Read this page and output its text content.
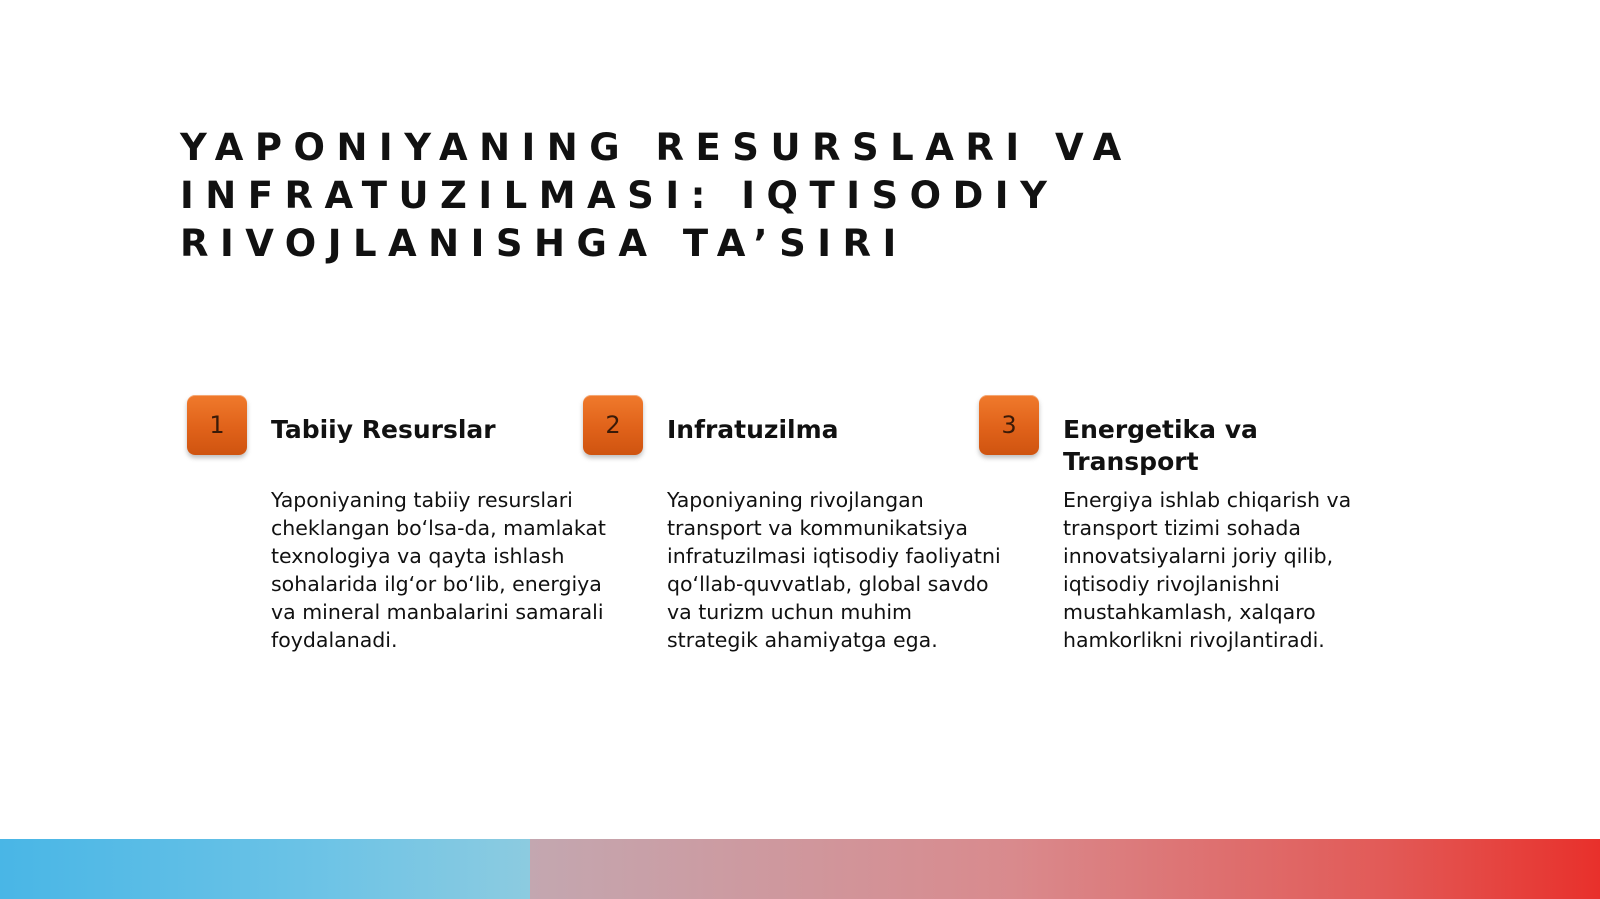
YAPONIYANING RESURSLARI VA INFRATUZILMASI: IQTISODIY RIVOJLANISHGA TA’SIRI
1	Tabiiy Resurslar

Yaponiyaning tabiiy resurslari cheklangan bo‘lsa-da, mamlakat texnologiya va qayta ishlash sohalarida ilg‘or bo‘lib, energiya va mineral manbalarini samarali foydalanadi.

2	Infratuzilma

Yaponiyaning rivojlangan transport va kommunikatsiya infratuzilmasi iqtisodiy faoliyatni qo‘llab-quvvatlab, global savdo va turizm uchun muhim strategik ahamiyatga ega.

3	Energetika va Transport

Energiya ishlab chiqarish va transport tizimi sohada innovatsiyalarni joriy qilib, iqtisodiy rivojlanishni mustahkamlash, xalqaro hamkorlikni rivojlantiradi.
